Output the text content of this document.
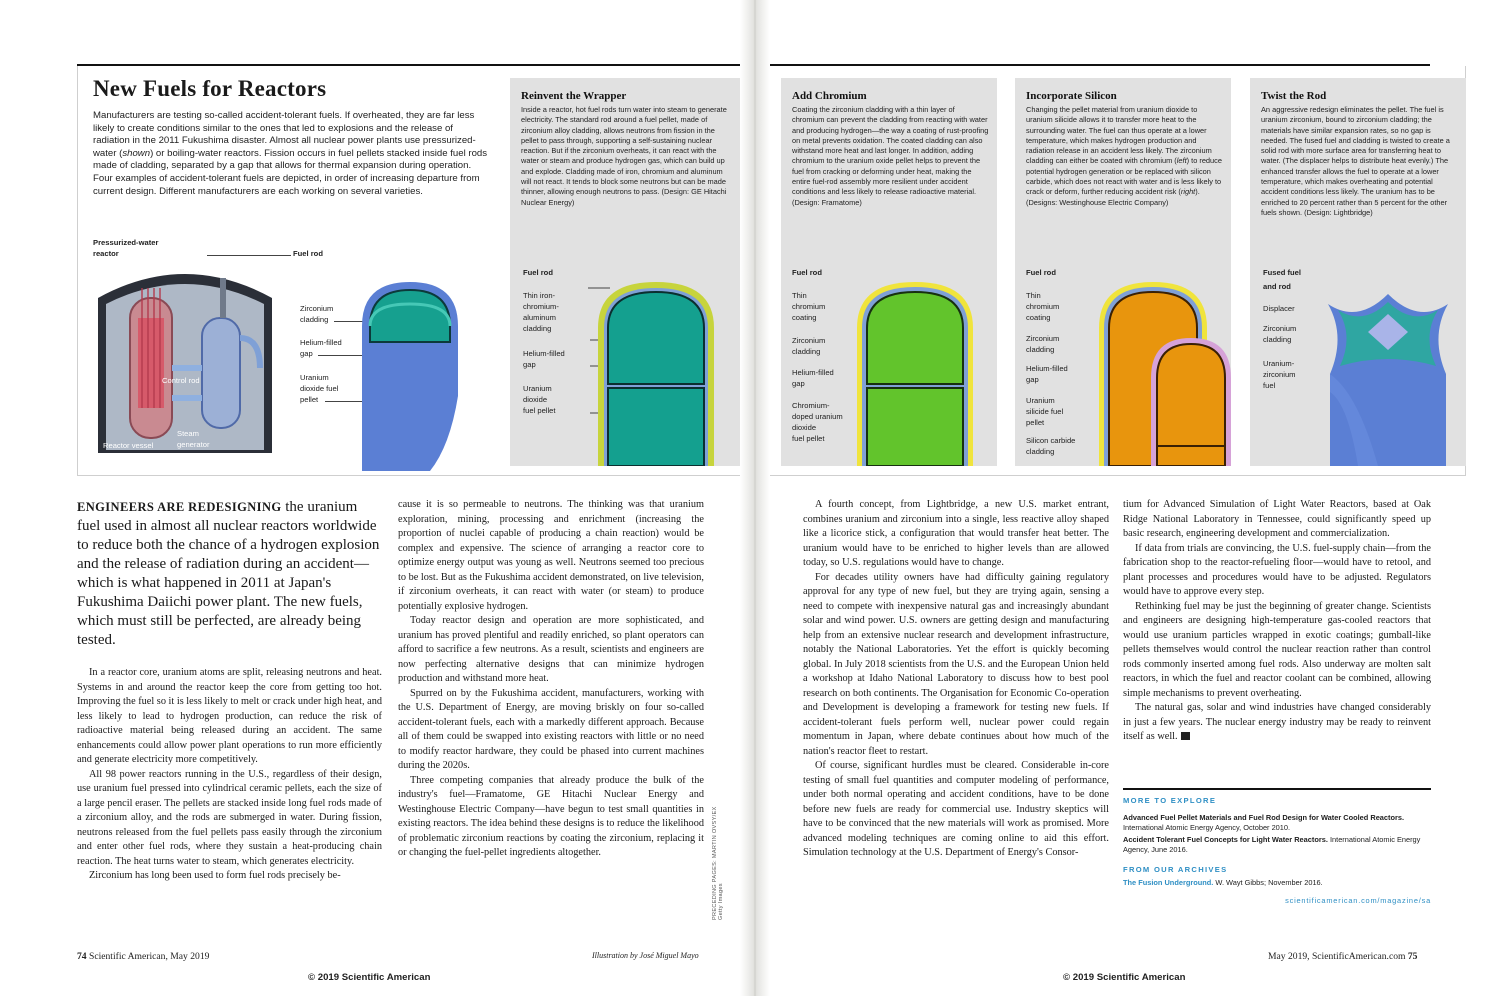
New Fuels for Reactors
Manufacturers are testing so-called accident-tolerant fuels. If overheated, they are far less likely to create conditions similar to the ones that led to explosions and the release of radiation in the 2011 Fukushima disaster. Almost all nuclear power plants use pressurized-water (shown) or boiling-water reactors. Fission occurs in fuel pellets stacked inside fuel rods made of cladding, separated by a gap that allows for thermal expansion during operation. Four examples of accident-tolerant fuels are depicted, in order of increasing departure from current design. Different manufacturers are each working on several varieties.
Pressurized-water
reactor
Control rod
Reactor vessel
Steam
generator
Fuel rod
Zirconium
cladding
Helium-filled
gap
Uranium
dioxide fuel
pellet
Reinvent the Wrapper
Inside a reactor, hot fuel rods turn water into steam to generate electricity. The standard rod around a fuel pellet, made of zirconium alloy cladding, allows neutrons from fission in the pellet to pass through, supporting a self-sustaining nuclear reaction. But if the zirconium overheats, it can react with the water or steam and produce hydrogen gas, which can build up and explode. Cladding made of iron, chromium and aluminum will not react. It tends to block some neutrons but can be made thinner, allowing enough neutrons to pass. (Design: GE Hitachi Nuclear Energy)
Fuel rod
Thin iron-
chromium-
aluminum
cladding
Helium-filled
gap
Uranium
dioxide
fuel pellet
Add Chromium
Coating the zirconium cladding with a thin layer of chromium can prevent the cladding from reacting with water and producing hydrogen—the way a coating of rust-proofing on metal prevents oxidation. The coated cladding can also withstand more heat and last longer. In addition, adding chromium to the uranium oxide pellet helps to prevent the fuel from cracking or deforming under heat, making the entire fuel-rod assembly more resilient under accident conditions and less likely to release radioactive material. (Design: Framatome)
Fuel rod
Thin
chromium
coating
Zirconium
cladding
Helium-filled
gap
Chromium-
doped uranium
dioxide
fuel pellet
Incorporate Silicon
Changing the pellet material from uranium dioxide to uranium silicide allows it to transfer more heat to the surrounding water. The fuel can thus operate at a lower temperature, which makes hydrogen production and radiation release in an accident less likely. The zirconium cladding can either be coated with chromium (left) to reduce potential hydrogen generation or be replaced with silicon carbide, which does not react with water and is less likely to crack or deform, further reducing accident risk (right). (Designs: Westinghouse Electric Company)
Fuel rod
Thin
chromium
coating
Zirconium
cladding
Helium-filled
gap
Uranium
silicide fuel
pellet
Silicon carbide
cladding
Twist the Rod
An aggressive redesign eliminates the pellet. The fuel is uranium zirconium, bound to zirconium cladding; the materials have similar expansion rates, so no gap is needed. The fused fuel and cladding is twisted to create a solid rod with more surface area for transferring heat to water. (The displacer helps to distribute heat evenly.) The enhanced transfer allows the fuel to operate at a lower temperature, which makes overheating and potential accident conditions less likely. The uranium has to be enriched to 20 percent rather than 5 percent for the other fuels shown. (Design: Lightbridge)
Fused fuel
and rod
Displacer
Zirconium
cladding
Uranium-
zirconium
fuel
ENGINEERS ARE REDESIGNING the uranium fuel used in almost all nuclear reactors worldwide to reduce both the chance of a hydrogen explosion and the release of radiation during an accident—which is what happened in 2011 at Japan's Fukushima Daiichi power plant. The new fuels, which must still be perfected, are already being tested.

In a reactor core, uranium atoms are split, releasing neutrons and heat. Systems in and around the reactor keep the core from getting too hot. Improving the fuel so it is less likely to melt or crack under high heat, and less likely to lead to hydrogen production, can reduce the risk of radioactive material being released during an accident. The same enhancements could allow power plant operations to run more efficiently and generate electricity more competitively.

All 98 power reactors running in the U.S., regardless of their design, use uranium fuel pressed into cylindrical ceramic pellets, each the size of a large pencil eraser. The pellets are stacked inside long fuel rods made of a zirconium alloy, and the rods are submerged in water. During fission, neutrons released from the fuel pellets pass easily through the zirconium and enter other fuel rods, where they sustain a heat-producing chain reaction. The heat turns water to steam, which generates electricity.

Zirconium has long been used to form fuel rods precisely be-

cause it is so permeable to neutrons. The thinking was that uranium exploration, mining, processing and enrichment (increasing the proportion of nuclei capable of producing a chain reaction) would be complex and expensive. The science of arranging a reactor core to optimize energy output was young as well. Neutrons seemed too precious to be lost. But as the Fukushima accident demonstrated, on live television, if zirconium overheats, it can react with water (or steam) to produce potentially explosive hydrogen.

Today reactor design and operation are more sophisticated, and uranium has proved plentiful and readily enriched, so plant operators can afford to sacrifice a few neutrons. As a result, scientists and engineers are now perfecting alternative designs that can minimize hydrogen production and withstand more heat.

Spurred on by the Fukushima accident, manufacturers, working with the U.S. Department of Energy, are moving briskly on four so-called accident-tolerant fuels, each with a markedly different approach. Because all of them could be swapped into existing reactors with little or no need to modify reactor hardware, they could be phased into current machines during the 2020s.

Three competing companies that already produce the bulk of the industry's fuel—Framatome, GE Hitachi Nuclear Energy and Westinghouse Electric Company—have begun to test small quantities in existing reactors. The idea behind these designs is to reduce the likelihood of problematic zirconium reactions by coating the zirconium, replacing it or changing the fuel-pellet ingredients altogether.	PRECEDING PAGES: MARTIN OVSY/EX Getty Images

A fourth concept, from Lightbridge, a new U.S. market entrant, combines uranium and zirconium into a single, less reactive alloy shaped like a licorice stick, a configuration that would transfer heat better. The uranium would have to be enriched to higher levels than are allowed today, so U.S. regulations would have to change.

For decades utility owners have had difficulty gaining regulatory approval for any type of new fuel, but they are trying again, sensing a need to compete with inexpensive natural gas and increasingly abundant solar and wind power. U.S. owners are getting design and manufacturing help from an extensive nuclear research and development infrastructure, notably the National Laboratories. Yet the effort is quickly becoming global. In July 2018 scientists from the U.S. and the European Union held a workshop at Idaho National Laboratory to discuss how to best pool research on both continents. The Organisation for Economic Co-operation and Development is developing a framework for testing new fuels. If accident-tolerant fuels perform well, nuclear power could regain momentum in Japan, where debate continues about how much of the nation's reactor fleet to restart.

Of course, significant hurdles must be cleared. Considerable in-core testing of small fuel quantities and computer modeling of performance, under both normal operating and accident conditions, have to be done before new fuels are ready for commercial use. Industry skeptics will have to be convinced that the new materials will work as promised. More advanced modeling techniques are coming online to aid this effort. Simulation technology at the U.S. Department of Energy's Consor-

tium for Advanced Simulation of Light Water Reactors, based at Oak Ridge National Laboratory in Tennessee, could significantly speed up basic research, engineering development and commercialization.

If data from trials are convincing, the U.S. fuel-supply chain—from the fabrication shop to the reactor-refueling floor—would have to retool, and plant processes and procedures would have to be adjusted. Regulators would have to approve every step.

Rethinking fuel may be just the beginning of greater change. Scientists and engineers are designing high-temperature gas-cooled reactors that would use uranium particles wrapped in exotic coatings; gumball-like pellets themselves would control the nuclear reaction rather than control rods commonly inserted among fuel rods. Also underway are molten salt reactors, in which the fuel and reactor coolant can be combined, allowing simple mechanisms to prevent overheating.

The natural gas, solar and wind industries have changed considerably in just a few years. The nuclear energy industry may be ready to reinvent itself as well.

MORE TO EXPLORE
Advanced Fuel Pellet Materials and Fuel Rod Design for Water Cooled Reactors. International Atomic Energy Agency, October 2010.
Accident Tolerant Fuel Concepts for Light Water Reactors. International Atomic Energy Agency, June 2016.
FROM OUR ARCHIVES
The Fusion Underground. W. Wayt Gibbs; November 2016.
scientificamerican.com/magazine/sa
74 Scientific American, May 2019	Illustration by José Miguel Mayo	May 2019, ScientificAmerican.com 75
© 2019 Scientific American	© 2019 Scientific American
